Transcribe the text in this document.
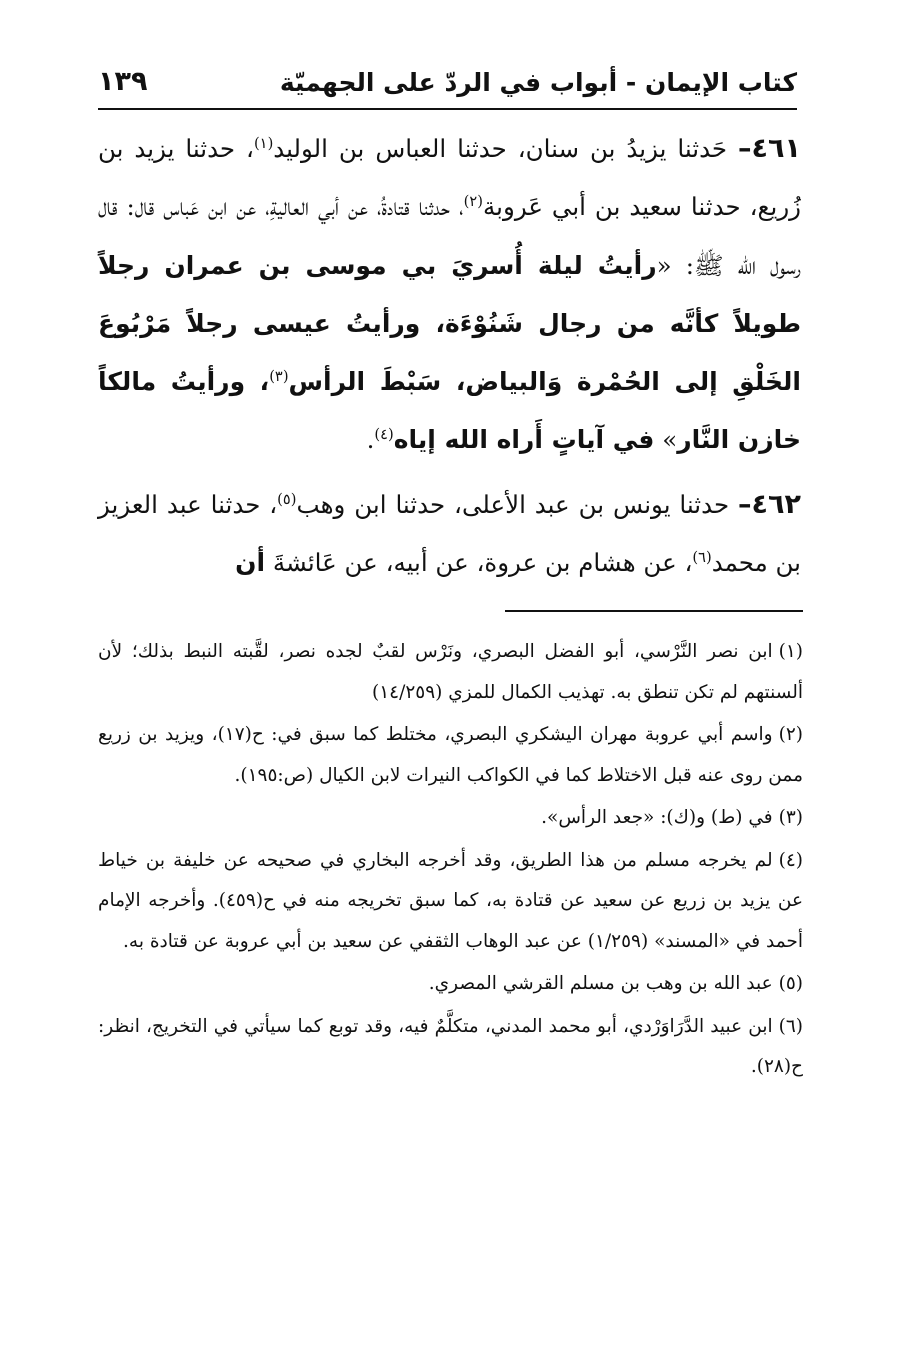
كتاب الإيمان - أبواب في الردّ على الجهميّة
١٣٩

٤٦١– حَدثنا يزيدُ بن سنان، حدثنا العباس بن الوليد$^{(١)}$، حدثنا يزيد بن زُريع، حدثنا سعيد بن أبي عَروبة$^{(٢)}$، حدثنا قتادةُ، عن أبي العاليةِ، عن ابن عَباس قال: قال رسول الله ﷺ: «رأيتُ ليلة أُسريَ بي موسى بن عمران رجلاً طويلاً كأنَّه من رجال شَنُوْءَة، ورأيتُ عيسى رجلاً مَرْبُوعَ الخَلْقِ إلى الحُمْرة وَالبياض، سَبْطَ الرأس$^{(٣)}$، ورأيتُ مالكاً خازن النَّار» في آياتٍ أَراه الله إياه$^{(٤)}$.

٤٦٢– حدثنا يونس بن عبد الأعلى، حدثنا ابن وهب$^{(٥)}$، حدثنا عبد العزيز بن محمد$^{(٦)}$، عن هشام بن عروة، عن أبيه، عن عَائشةَ أن

(١)ابن نصر النَّرْسي، أبو الفضل البصري، ونَرْس لقبٌ لجده نصر، لقَّبته النبط بذلك؛ لأن ألسنتهم لم تكن تنطق به. تهذيب الكمال للمزي (١٤/٢٥٩)

(٢)واسم أبي عروبة مهران اليشكري البصري، مختلط كما سبق في: ح(١٧)، ويزيد بن زريع ممن روى عنه قبل الاختلاط كما في الكواكب النيرات لابن الكيال (ص:١٩٥).

(٣)في (ط) و(ك): «جعد الرأس».

(٤)لم يخرجه مسلم من هذا الطريق، وقد أخرجه البخاري في صحيحه عن خليفة بن خياط عن يزيد بن زريع عن سعيد عن قتادة به، كما سبق تخريجه منه في ح(٤٥٩). وأخرجه الإمام أحمد في «المسند» (١/٢٥٩) عن عبد الوهاب الثقفي عن سعيد بن أبي عروبة عن قتادة به.

(٥)عبد الله بن وهب بن مسلم القرشي المصري.

(٦)ابن عبيد الدَّرَاوَرْدي، أبو محمد المدني، متكلَّمٌ فيه، وقد توبع كما سيأتي في التخريج، انظر: ح(٢٨).
